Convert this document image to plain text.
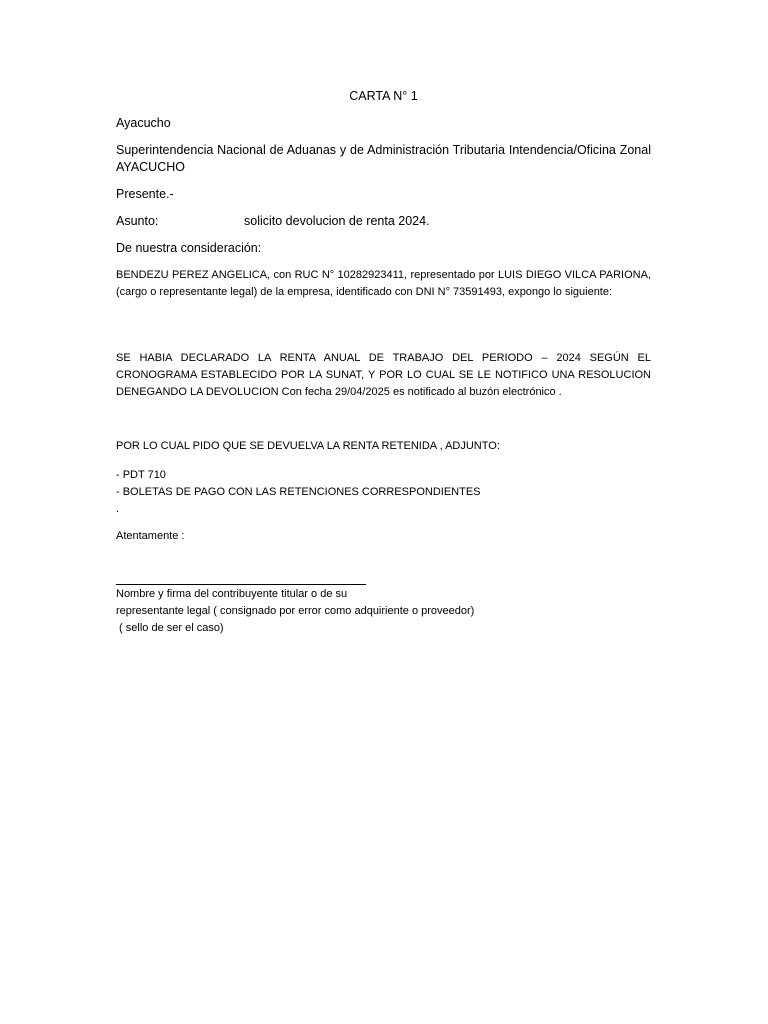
CARTA N° 1

Ayacucho

Superintendencia Nacional de Aduanas y de Administración Tributaria Intendencia/Oficina Zonal AYACUCHO

Presente.-

Asunto:	solicito devolucion de renta 2024.

De nuestra consideración:

BENDEZU PEREZ ANGELICA, con RUC N° 10282923411, representado por LUIS DIEGO VILCA PARIONA, (cargo o representante legal) de la empresa, identificado con DNI N° 73591493, expongo lo siguiente:

SE HABIA DECLARADO LA RENTA ANUAL DE TRABAJO DEL PERIODO – 2024 SEGÚN EL CRONOGRAMA ESTABLECIDO POR LA SUNAT, Y POR LO CUAL SE LE NOTIFICO UNA RESOLUCION DENEGANDO LA DEVOLUCION Con fecha 29/04/2025 es notificado al buzón electrónico .

POR LO CUAL PIDO QUE SE DEVUELVA LA RENTA RETENIDA , ADJUNTO:

- PDT 710
- BOLETAS DE PAGO CON LAS RETENCIONES CORRESPONDIENTES
.

Atentamente :

Nombre y firma del contribuyente titular o de su
representante legal ( consignado por error como adquiriente o proveedor)
( sello de ser el caso)
